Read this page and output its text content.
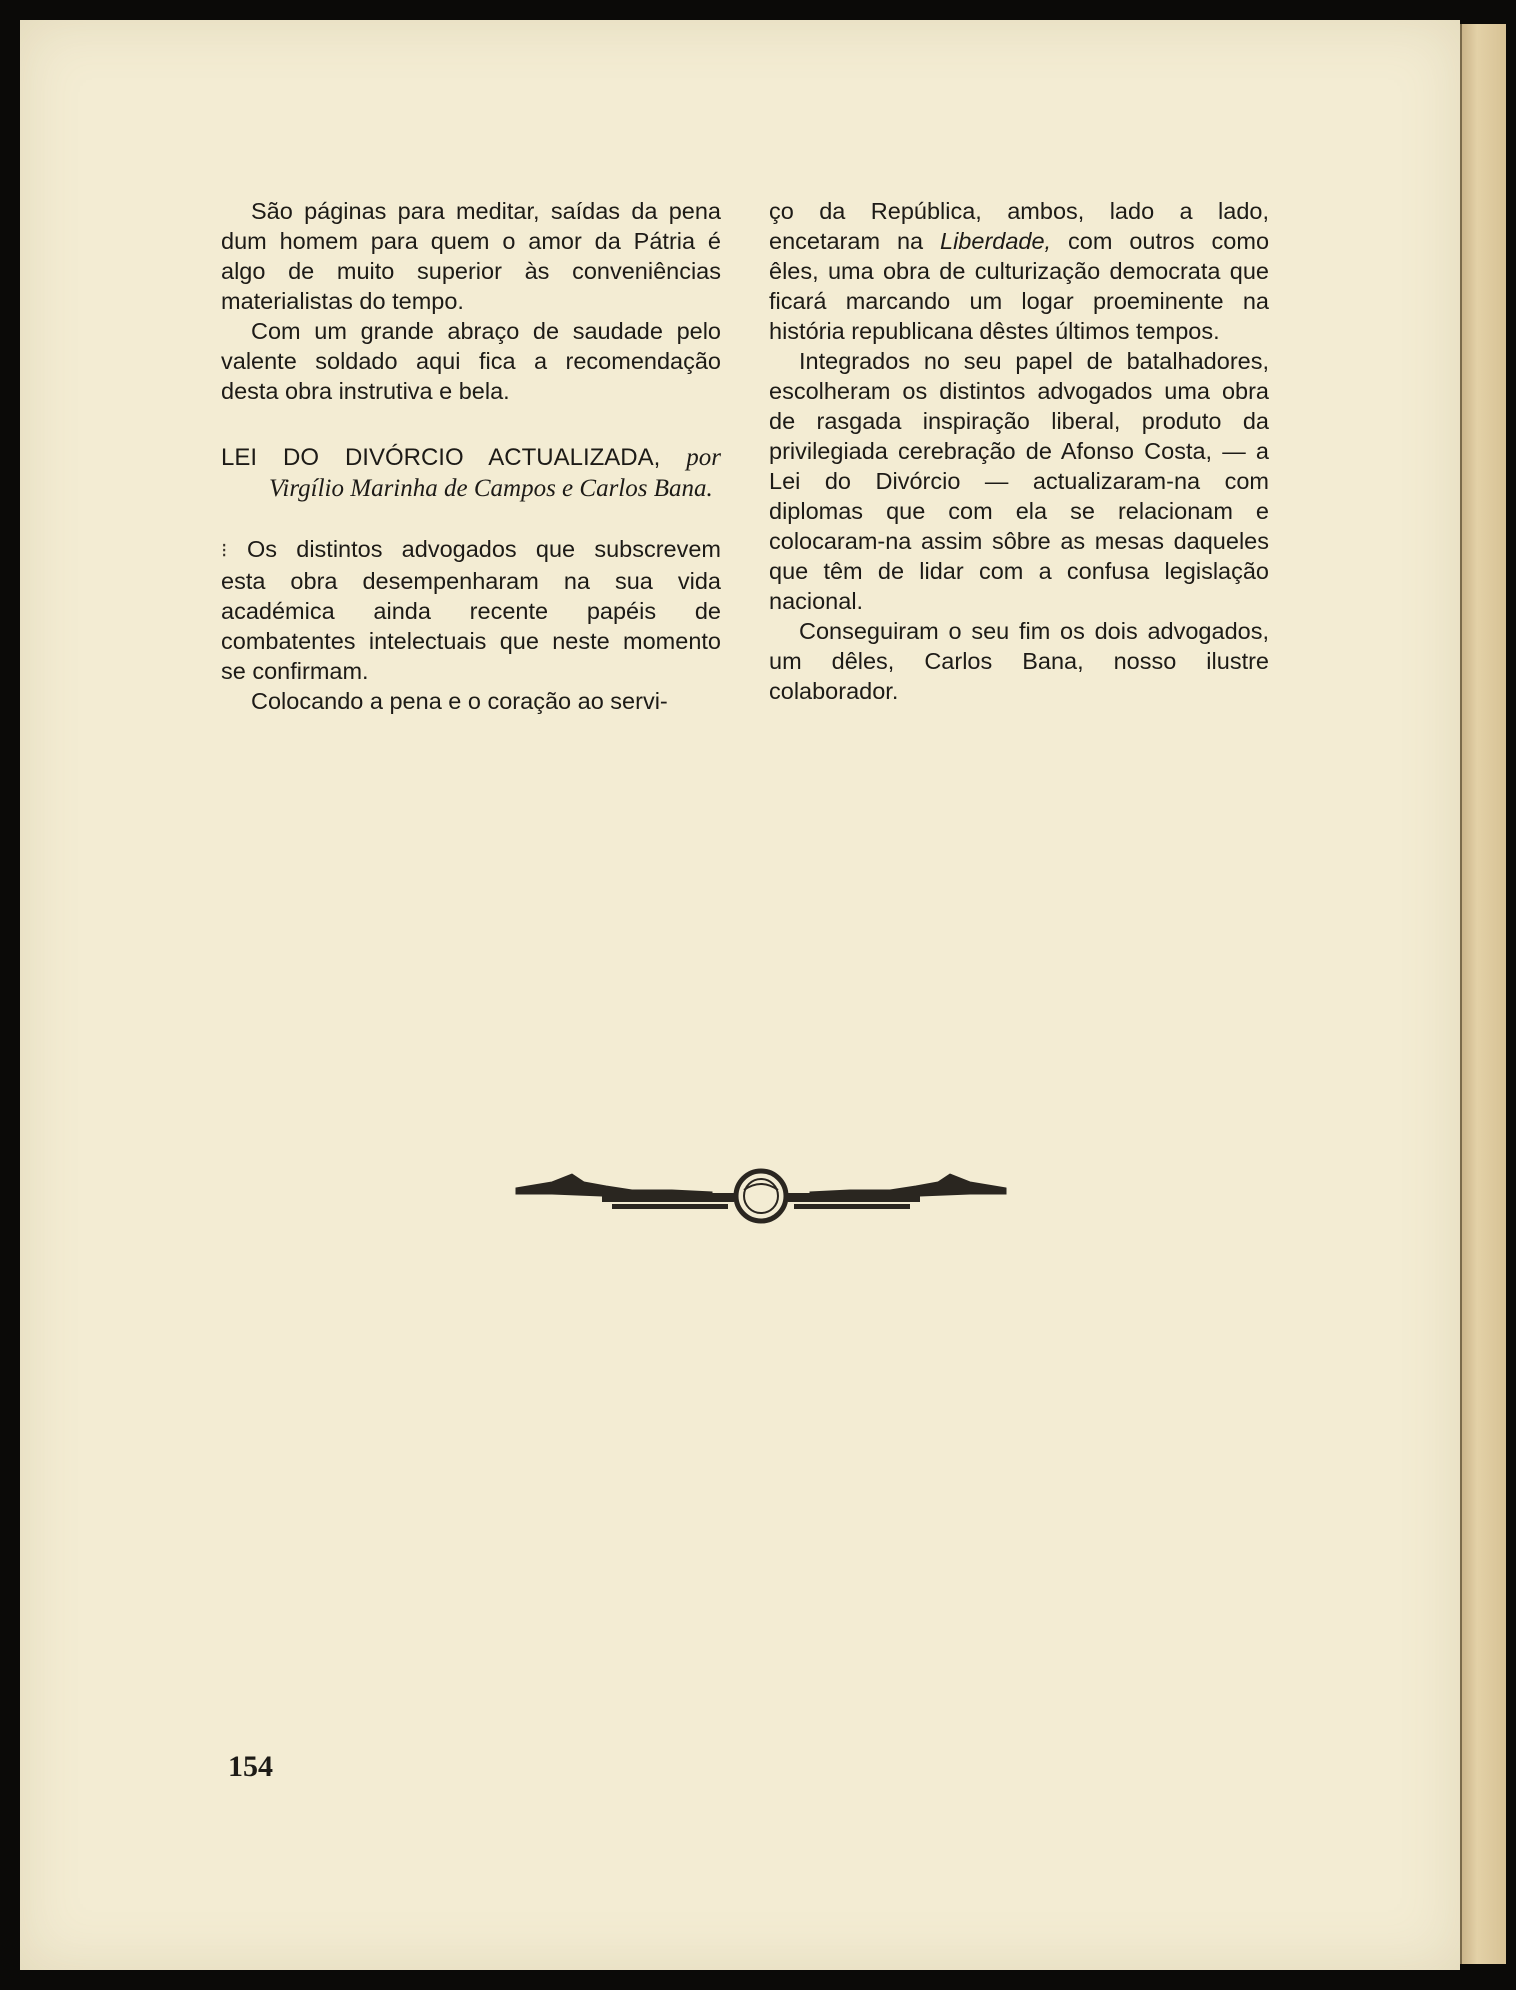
São páginas para meditar, saídas da pena dum homem para quem o amor da Pátria é algo de muito superior às conveniências materialistas do tempo.

Com um grande abraço de saudade pelo valente soldado aqui fica a recomendação desta obra instrutiva e bela.

LEI DO DIVÓRCIO ACTUALIZADA, por Virgílio Marinha de Campos e Carlos Bana.

⁝ Os distintos advogados que subscrevem esta obra desempenharam na sua vida académica ainda recente papéis de combatentes intelectuais que neste momento se confirmam.

Colocando a pena e o coração ao servi-

ço da República, ambos, lado a lado, encetaram na Liberdade, com outros como êles, uma obra de culturização democrata que ficará marcando um logar proeminente na história republicana dêstes últimos tempos.

Integrados no seu papel de batalhadores, escolheram os distintos advogados uma obra de rasgada inspiração liberal, produto da privilegiada cerebração de Afonso Costa, — a Lei do Divórcio — actualizaram-na com diplomas que com ela se relacionam e colocaram-na assim sôbre as mesas daqueles que têm de lidar com a confusa legislação nacional.

Conseguiram o seu fim os dois advogados, um dêles, Carlos Bana, nosso ilustre colaborador.

154
